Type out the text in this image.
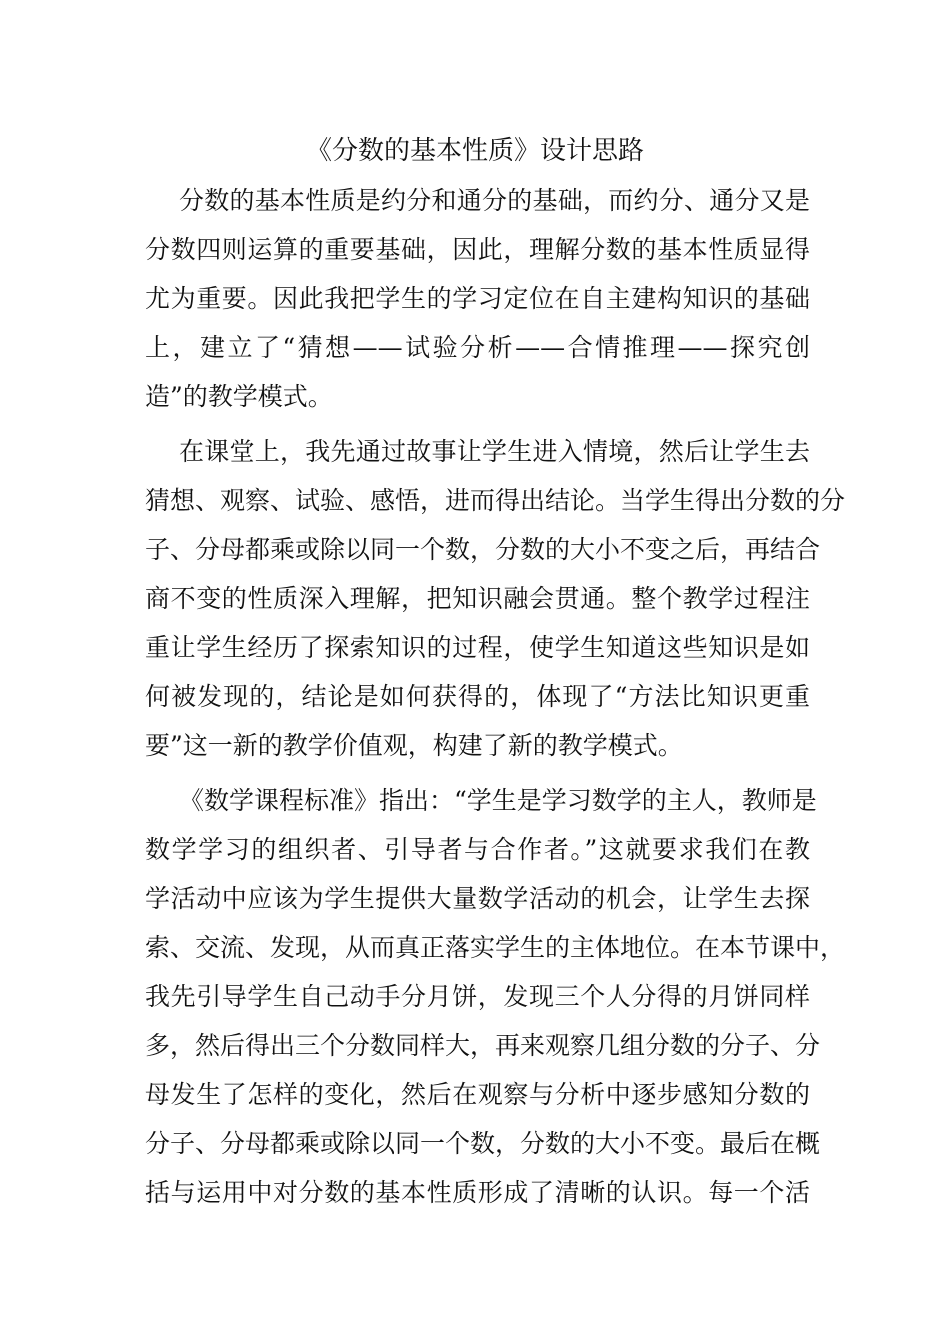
《分数的基本性质》设计思路

分数的基本性质是约分和通分的基础，而约分、通分又是
分数四则运算的重要基础，因此，理解分数的基本性质显得
尤为重要。因此我把学生的学习定位在自主建构知识的基础
上，建立了“猜想——试验分析——合情推理——探究创
造”的教学模式。

在课堂上，我先通过故事让学生进入情境，然后让学生去
猜想、观察、试验、感悟，进而得出结论。当学生得出分数的分
子、分母都乘或除以同一个数，分数的大小不变之后，再结合
商不变的性质深入理解，把知识融会贯通。整个教学过程注
重让学生经历了探索知识的过程，使学生知道这些知识是如
何被发现的，结论是如何获得的，体现了“方法比知识更重
要”这一新的教学价值观，构建了新的教学模式。

《数学课程标准》指出：“学生是学习数学的主人，教师是
数学学习的组织者、引导者与合作者。”这就要求我们在教
学活动中应该为学生提供大量数学活动的机会，让学生去探
索、交流、发现，从而真正落实学生的主体地位。在本节课中，
我先引导学生自己动手分月饼，发现三个人分得的月饼同样
多，然后得出三个分数同样大，再来观察几组分数的分子、分
母发生了怎样的变化，然后在观察与分析中逐步感知分数的
分子、分母都乘或除以同一个数，分数的大小不变。最后在概
括与运用中对分数的基本性质形成了清晰的认识。每一个活
